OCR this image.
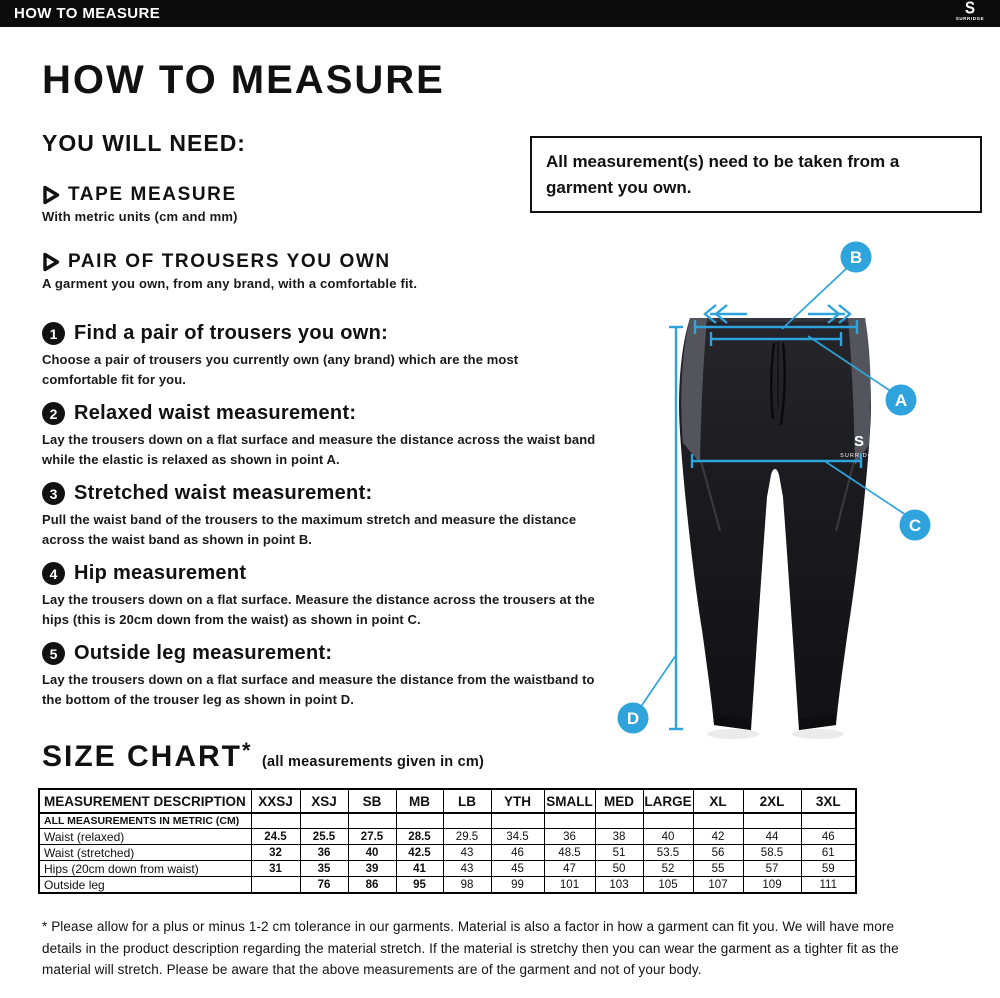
HOW TO MEASURE	S
SURRIDGE
HOW TO MEASURE
YOU WILL NEED:
TAPE MEASURE
With metric units (cm and mm)
PAIR OF TROUSERS YOU OWN
A garment you own, from any brand, with a comfortable fit.
All measurement(s) need to be taken from a garment you own.
1 Find a pair of trousers you own:
Choose a pair of trousers you currently own (any brand) which are the most comfortable fit for you.
2 Relaxed waist measurement:
Lay the trousers down on a flat surface and measure the distance across the waist band while the elastic is relaxed as shown in point A.
3 Stretched waist measurement:
Pull the waist band of the trousers to the maximum stretch and measure the distance across the waist band as shown in point B.
4 Hip measurement
Lay the trousers down on a flat surface. Measure the distance across the trousers at the hips (this is 20cm down from the waist) as shown in point C.
5 Outside leg measurement:
Lay the trousers down on a flat surface and measure the distance from the waistband to the bottom of the trouser leg as shown in point D.
S
SURRIDGE
B
A
C
D
SIZE CHART* (all measurements given in cm)
MEASUREMENT DESCRIPTION	XXSJ	XSJ	SB	MB	LB	YTH	SMALL	MED	LARGE	XL	2XL	3XL
ALL MEASUREMENTS IN METRIC (CM)												
Waist (relaxed)	24.5	25.5	27.5	28.5	29.5	34.5	36	38	40	42	44	46
Waist (stretched)	32	36	40	42.5	43	46	48.5	51	53.5	56	58.5	61
Hips (20cm down from waist)	31	35	39	41	43	45	47	50	52	55	57	59
Outside leg		76	86	95	98	99	101	103	105	107	109	111
* Please allow for a plus or minus 1-2 cm tolerance in our garments. Material is also a factor in how a garment can fit you. We will have more details in the product description regarding the material stretch. If the material is stretchy then you can wear the garment as a tighter fit as the material will stretch. Please be aware that the above measurements are of the garment and not of your body.
